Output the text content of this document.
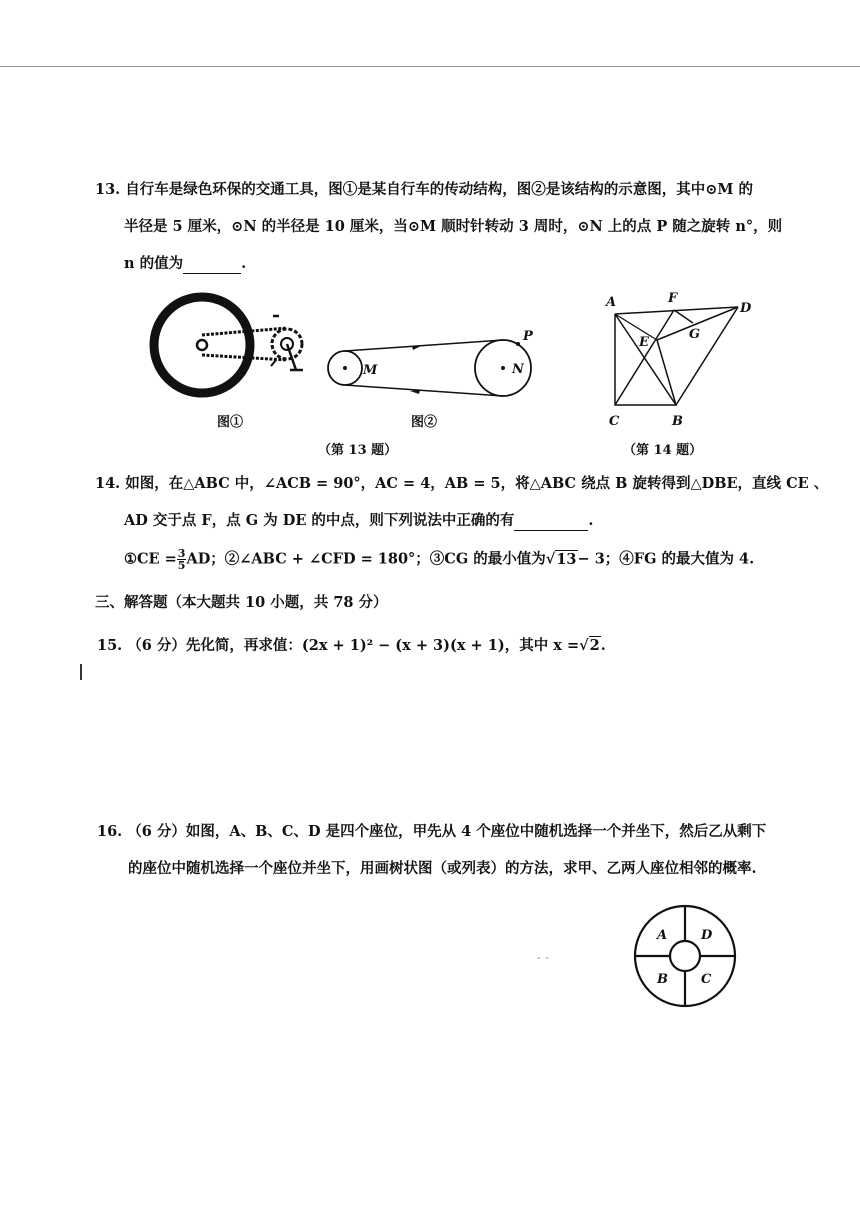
13. 自行车是绿色环保的交通工具，图①是某自行车的传动结构，图②是该结构的示意图，其中⊙M 的
半径是 5 厘米，⊙N 的半径是 10 厘米，当⊙M 顺时针转动 3 周时，⊙N 上的点 P 随之旋转 n°，则
n 的值为	.
图①
M	N
P
图②
（第 13 题）
A	F
D
G
E
C	B
（第 14 题）
14. 如图，在△ABC 中，∠ACB = 90°，AC = 4，AB = 5，将△ABC 绕点 B 旋转得到△DBE，直线 CE 、
AD 交于点 F，点 G 为 DE 的中点，则下列说法中正确的有	.
①CE = $\frac{3}{5}$ AD；②∠ABC + ∠CFD = 180°；③CG 的最小值为√13− 3；④FG 的最大值为 4.
三、解答题（本大题共 10 小题，共 78 分）
15. （6 分）先化简，再求值：(2x + 1)² − (x + 3)(x + 1)，其中 x =√2.
16. （6 分）如图，A、B、C、D 是四个座位，甲先从 4 个座位中随机选择一个并坐下，然后乙从剩下
的座位中随机选择一个座位并坐下，用画树状图（或列表）的方法，求甲、乙两人座位相邻的概率.
A	D
B	C
- -
